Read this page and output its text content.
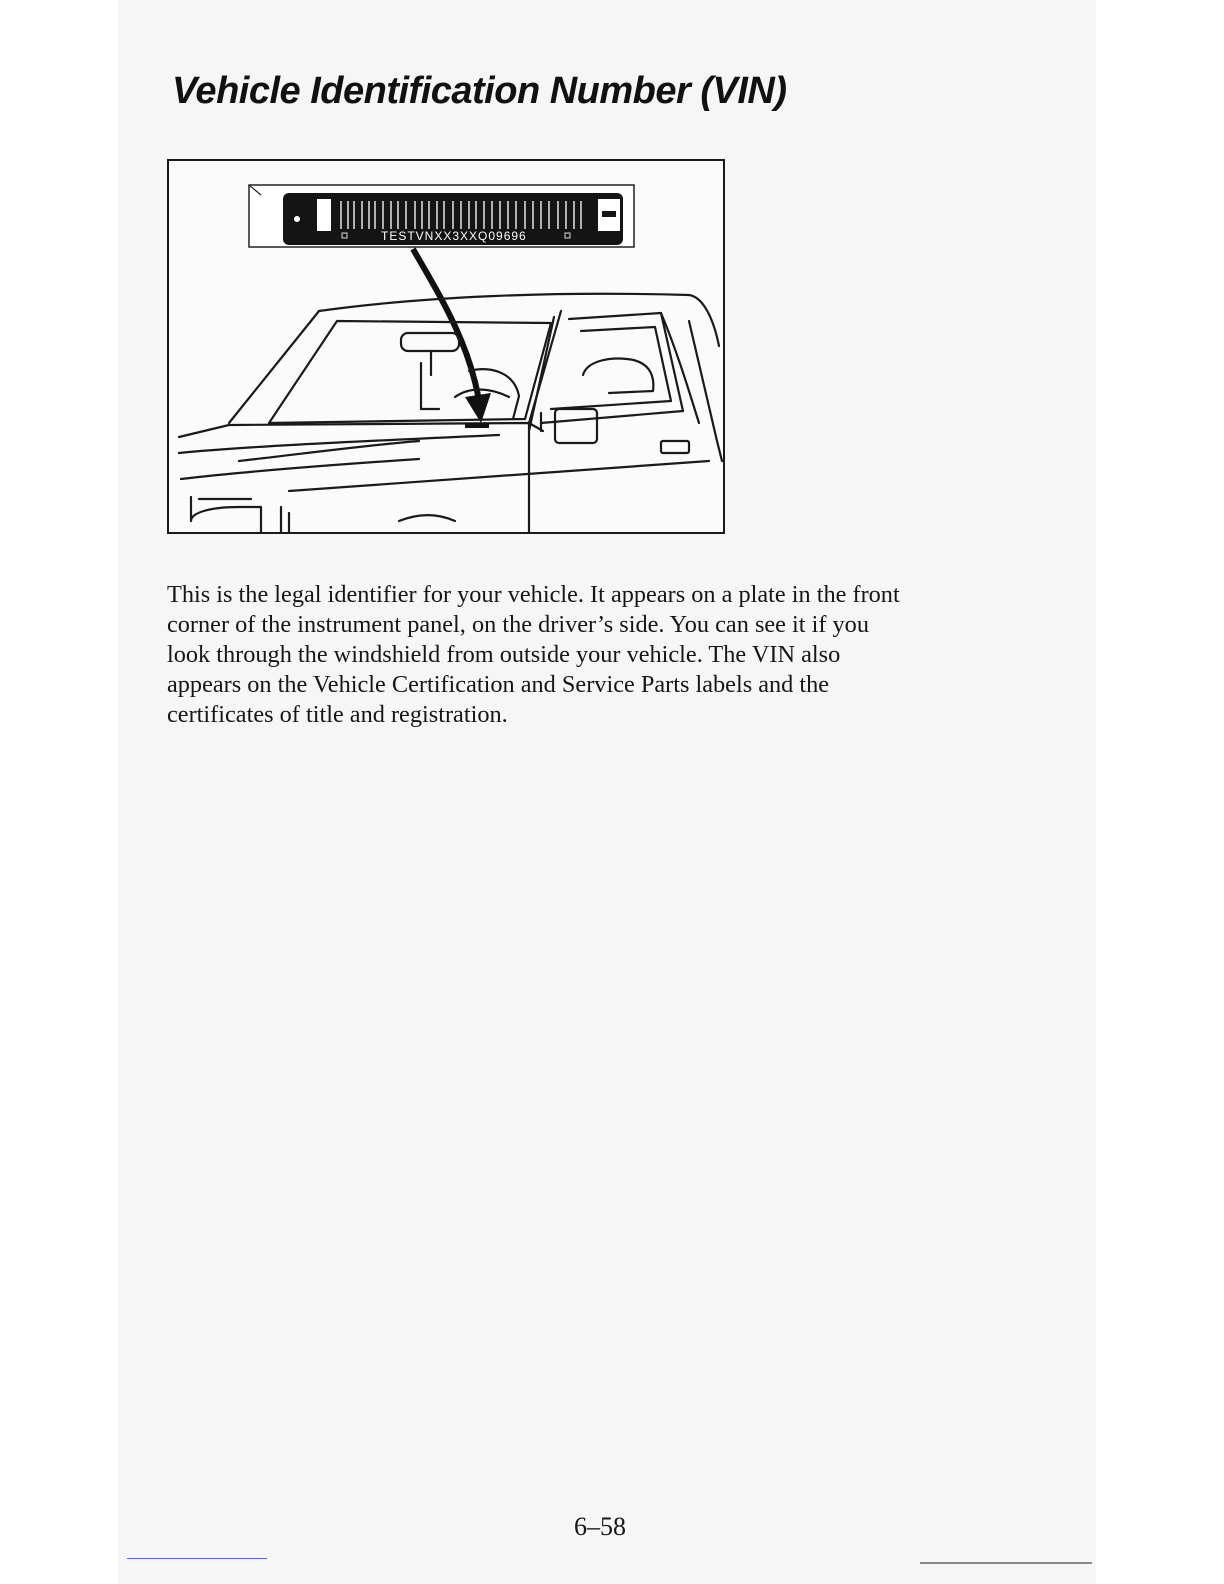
Vehicle Identification Number (VIN)
TESTVNXX3XXQ09696

This is the legal identifier for your vehicle. It appears on a plate in the front
corner of the instrument panel, on the driver’s side. You can see it if you
look through the windshield from outside your vehicle. The VIN also
appears on the Vehicle Certification and Service Parts labels and the
certificates of title and registration.

6–58
